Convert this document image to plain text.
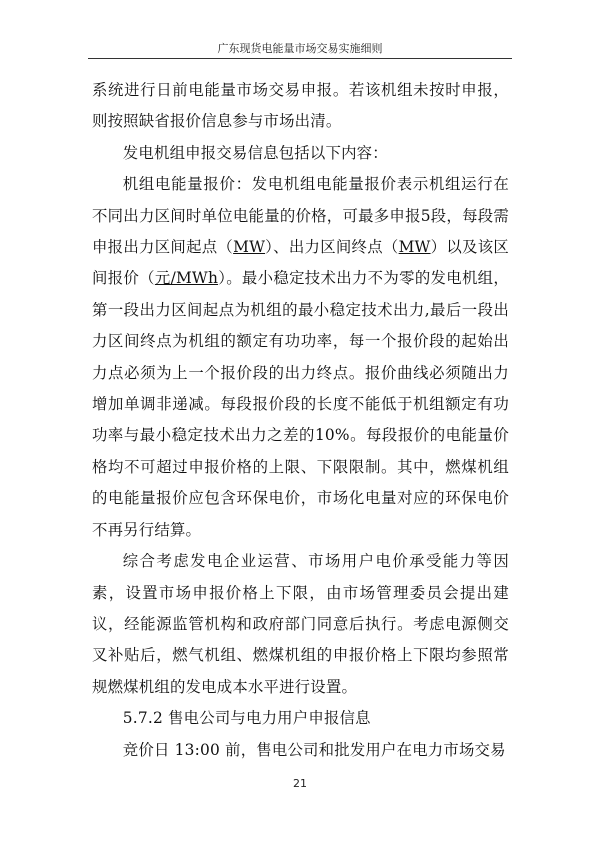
广东现货电能量市场交易实施细则

系统进行日前电能量市场交易申报。若该机组未按时申报，则按照缺省报价信息参与市场出清。

发电机组申报交易信息包括以下内容：

机组电能量报价：发电机组电能量报价表示机组运行在不同出力区间时单位电能量的价格，可最多申报5段，每段需申报出力区间起点（MW）、出力区间终点（MW）以及该区间报价（元/MWh）。最小稳定技术出力不为零的发电机组，第一段出力区间起点为机组的最小稳定技术出力,最后一段出力区间终点为机组的额定有功功率，每一个报价段的起始出力点必须为上一个报价段的出力终点。报价曲线必须随出力增加单调非递减。每段报价段的长度不能低于机组额定有功功率与最小稳定技术出力之差的10%。每段报价的电能量价格均不可超过申报价格的上限、下限限制。其中，燃煤机组的电能量报价应包含环保电价，市场化电量对应的环保电价不再另行结算。

综合考虑发电企业运营、市场用户电价承受能力等因素，设置市场申报价格上下限，由市场管理委员会提出建议，经能源监管机构和政府部门同意后执行。考虑电源侧交叉补贴后，燃气机组、燃煤机组的申报价格上下限均参照常规燃煤机组的发电成本水平进行设置。

5.7.2 售电公司与电力用户申报信息

竞价日 13:00 前，售电公司和批发用户在电力市场交易

21
